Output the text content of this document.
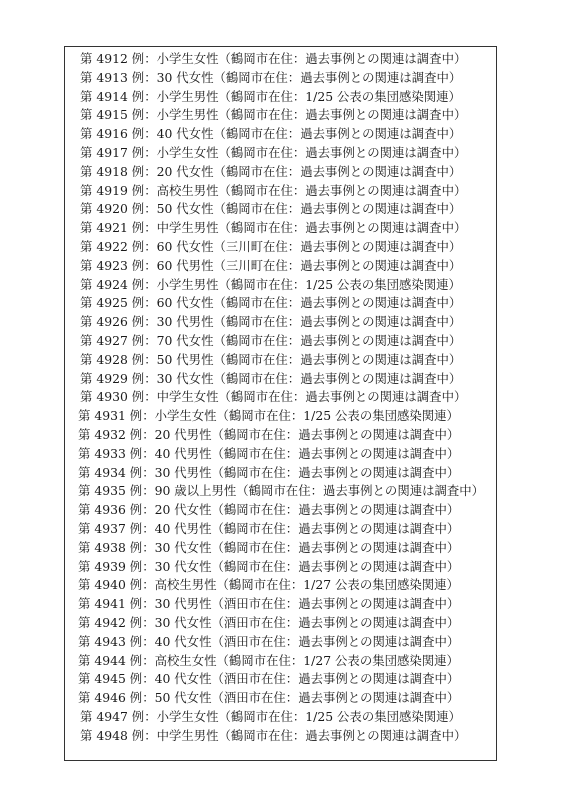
第 4912 例：小学生女性（鶴岡市在住：過去事例との関連は調査中）
第 4913 例：30 代女性（鶴岡市在住：過去事例との関連は調査中）
第 4914 例：小学生男性（鶴岡市在住：1/25 公表の集団感染関連）
第 4915 例：小学生男性（鶴岡市在住：過去事例との関連は調査中）
第 4916 例：40 代女性（鶴岡市在住：過去事例との関連は調査中）
第 4917 例：小学生女性（鶴岡市在住：過去事例との関連は調査中）
第 4918 例：20 代女性（鶴岡市在住：過去事例との関連は調査中）
第 4919 例：高校生男性（鶴岡市在住：過去事例との関連は調査中）
第 4920 例：50 代女性（鶴岡市在住：過去事例との関連は調査中）
第 4921 例：中学生男性（鶴岡市在住：過去事例との関連は調査中）
第 4922 例：60 代女性（三川町在住：過去事例との関連は調査中）
第 4923 例：60 代男性（三川町在住：過去事例との関連は調査中）
第 4924 例：小学生男性（鶴岡市在住：1/25 公表の集団感染関連）
第 4925 例：60 代女性（鶴岡市在住：過去事例との関連は調査中）
第 4926 例：30 代男性（鶴岡市在住：過去事例との関連は調査中）
第 4927 例：70 代女性（鶴岡市在住：過去事例との関連は調査中）
第 4928 例：50 代男性（鶴岡市在住：過去事例との関連は調査中）
第 4929 例：30 代女性（鶴岡市在住：過去事例との関連は調査中）
第 4930 例：中学生女性（鶴岡市在住：過去事例との関連は調査中）
第 4931 例：小学生女性（鶴岡市在住：1/25 公表の集団感染関連）
第 4932 例：20 代男性（鶴岡市在住：過去事例との関連は調査中）
第 4933 例：40 代男性（鶴岡市在住：過去事例との関連は調査中）
第 4934 例：30 代男性（鶴岡市在住：過去事例との関連は調査中）
第 4935 例：90 歳以上男性（鶴岡市在住：過去事例との関連は調査中）
第 4936 例：20 代女性（鶴岡市在住：過去事例との関連は調査中）
第 4937 例：40 代男性（鶴岡市在住：過去事例との関連は調査中）
第 4938 例：30 代女性（鶴岡市在住：過去事例との関連は調査中）
第 4939 例：30 代女性（鶴岡市在住：過去事例との関連は調査中）
第 4940 例：高校生男性（鶴岡市在住：1/27 公表の集団感染関連）
第 4941 例：30 代男性（酒田市在住：過去事例との関連は調査中）
第 4942 例：30 代女性（酒田市在住：過去事例との関連は調査中）
第 4943 例：40 代女性（酒田市在住：過去事例との関連は調査中）
第 4944 例：高校生女性（鶴岡市在住：1/27 公表の集団感染関連）
第 4945 例：40 代女性（酒田市在住：過去事例との関連は調査中）
第 4946 例：50 代女性（酒田市在住：過去事例との関連は調査中）
第 4947 例：小学生女性（鶴岡市在住：1/25 公表の集団感染関連）
第 4948 例：中学生男性（鶴岡市在住：過去事例との関連は調査中）
